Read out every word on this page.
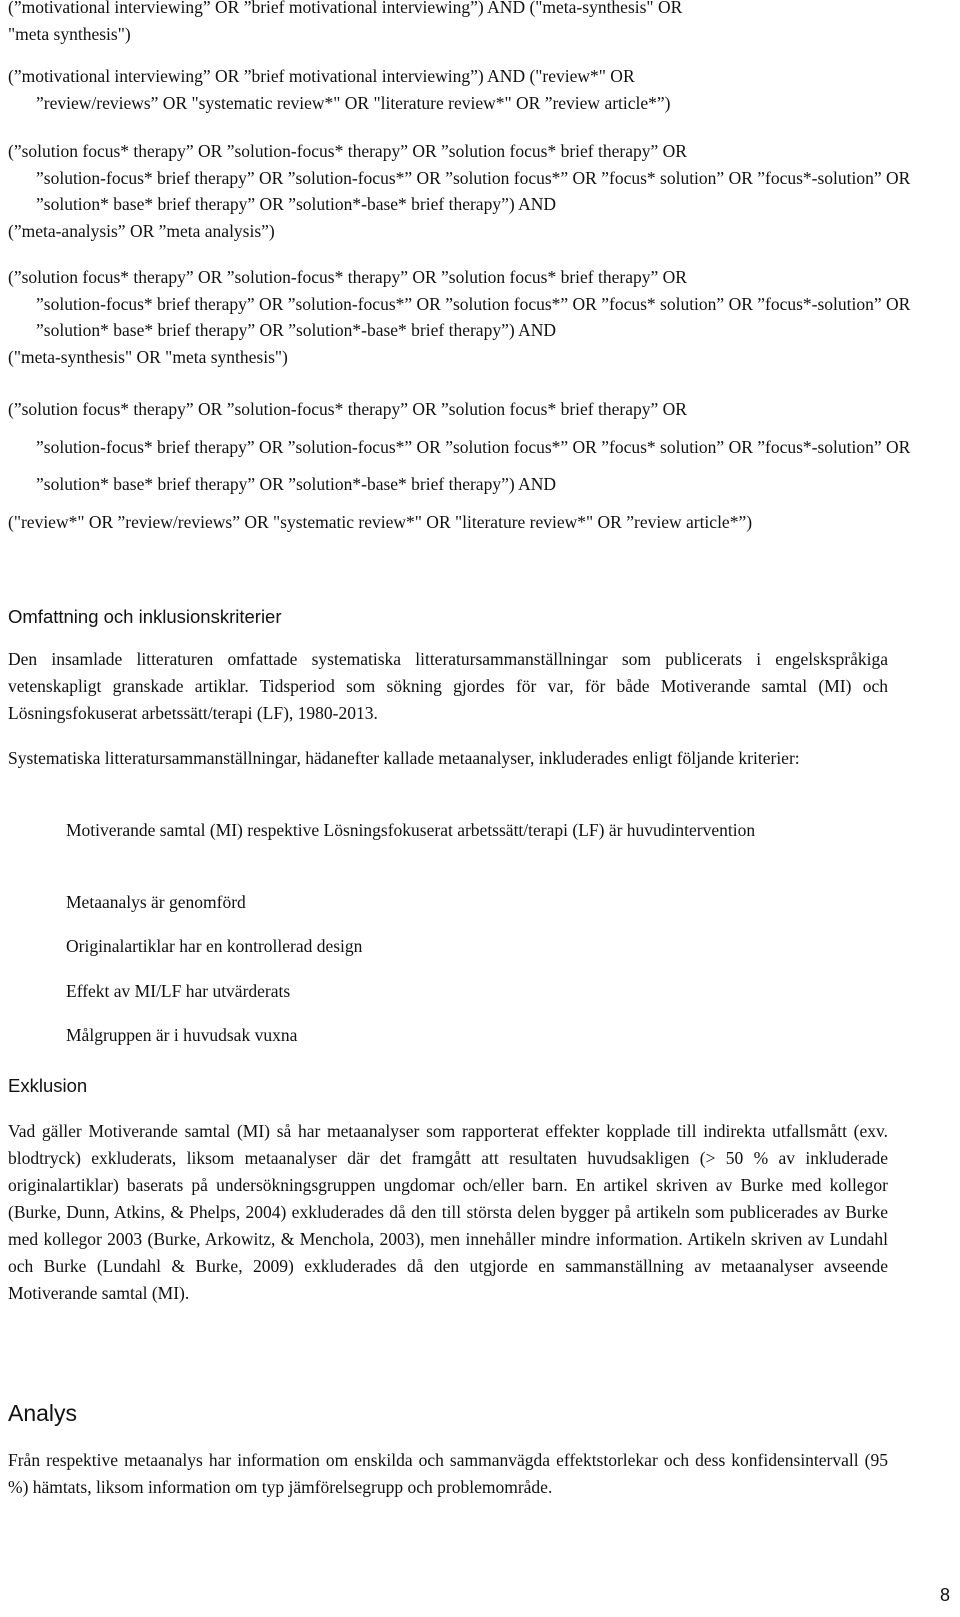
(”motivational interviewing” OR ”brief motivational interviewing”) AND ("meta-synthesis" OR
"meta synthesis")
(”motivational interviewing” OR ”brief motivational interviewing”) AND ("review*" OR
”review/reviews” OR "systematic review*" OR "literature review*" OR ”review article*”)
(”solution focus* therapy” OR ”solution-focus* therapy” OR ”solution focus* brief therapy” OR
”solution-focus* brief therapy” OR ”solution-focus*” OR ”solution focus*” OR ”focus* solution” OR ”focus*-solution” OR ”solution* base* brief therapy” OR ”solution*-base* brief therapy”) AND
(”meta-analysis” OR ”meta analysis”)
(”solution focus* therapy” OR ”solution-focus* therapy” OR ”solution focus* brief therapy” OR
”solution-focus* brief therapy” OR ”solution-focus*” OR ”solution focus*” OR ”focus* solution” OR ”focus*-solution” OR ”solution* base* brief therapy” OR ”solution*-base* brief therapy”) AND
("meta-synthesis" OR "meta synthesis")
(”solution focus* therapy” OR ”solution-focus* therapy” OR ”solution focus* brief therapy” OR
”solution-focus* brief therapy” OR ”solution-focus*” OR ”solution focus*” OR ”focus* solution” OR ”focus*-solution” OR ”solution* base* brief therapy” OR ”solution*-base* brief therapy”) AND
("review*" OR ”review/reviews” OR "systematic review*" OR "literature review*" OR ”review article*”)
Omfattning och inklusionskriterier
Den insamlade litteraturen omfattade systematiska litteratursammanställningar som publicerats i engelskspråkiga vetenskapligt granskade artiklar. Tidsperiod som sökning gjordes för var, för både Motiverande samtal (MI) och Lösningsfokuserat arbetssätt/terapi (LF), 1980-2013.
Systematiska litteratursammanställningar, hädanefter kallade metaanalyser, inkluderades enligt följande kriterier:
Motiverande samtal (MI) respektive Lösningsfokuserat arbetssätt/terapi (LF) är huvudintervention
Metaanalys är genomförd
Originalartiklar har en kontrollerad design
Effekt av MI/LF har utvärderats
Målgruppen är i huvudsak vuxna
Exklusion
Vad gäller Motiverande samtal (MI) så har metaanalyser som rapporterat effekter kopplade till indirekta utfallsmått (exv. blodtryck) exkluderats, liksom metaanalyser där det framgått att resultaten huvudsakligen (> 50 % av inkluderade originalartiklar) baserats på undersökningsgruppen ungdomar och/eller barn. En artikel skriven av Burke med kollegor (Burke, Dunn, Atkins, & Phelps, 2004) exkluderades då den till största delen bygger på artikeln som publicerades av Burke med kollegor 2003 (Burke, Arkowitz, & Menchola, 2003), men innehåller mindre information. Artikeln skriven av Lundahl och Burke (Lundahl & Burke, 2009) exkluderades då den utgjorde en sammanställning av metaanalyser avseende Motiverande samtal (MI).
Analys
Från respektive metaanalys har information om enskilda och sammanvägda effektstorlekar och dess konfidensintervall (95 %) hämtats, liksom information om typ jämförelsegrupp och problemområde.
8
